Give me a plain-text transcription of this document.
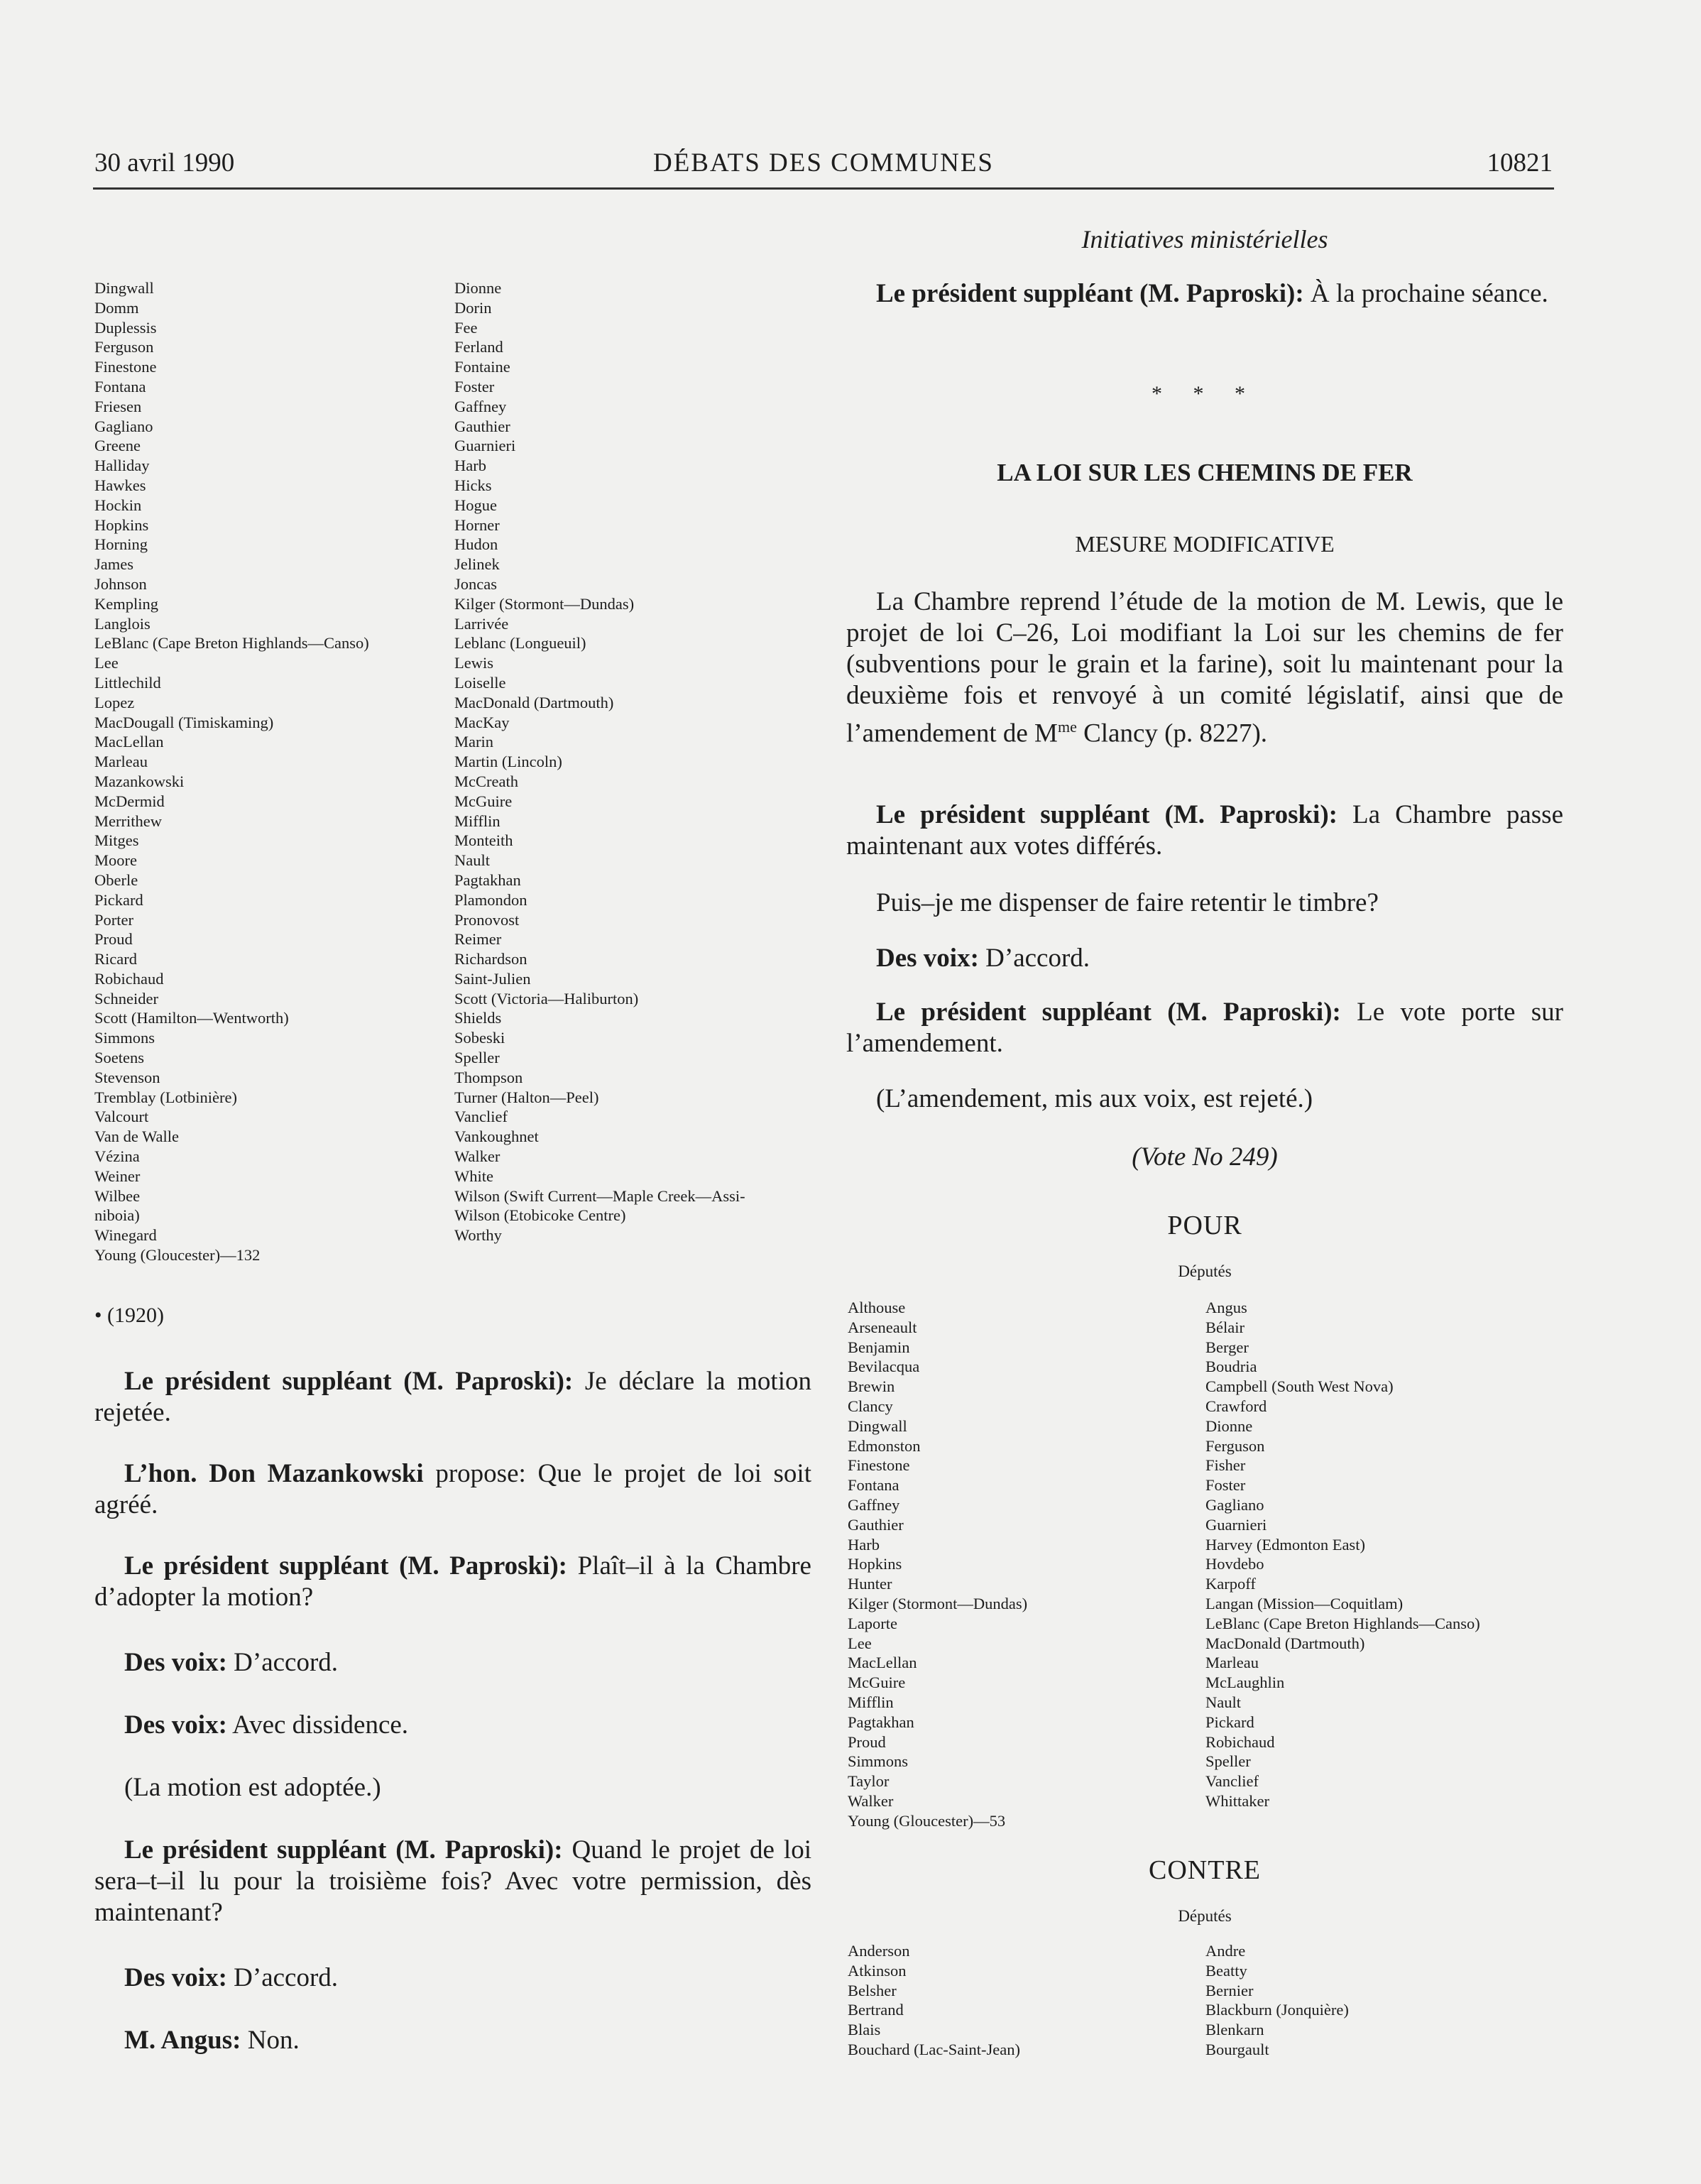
30 avril 1990	DÉBATS DES COMMUNES	10821
Dingwall
Domm
Duplessis
Ferguson
Finestone
Fontana
Friesen
Gagliano
Greene
Halliday
Hawkes
Hockin
Hopkins
Horning
James
Johnson
Kempling
Langlois
LeBlanc (Cape Breton Highlands—Canso)
Lee
Littlechild
Lopez
MacDougall (Timiskaming)
MacLellan
Marleau
Mazankowski
McDermid
Merrithew
Mitges
Moore
Oberle
Pickard
Porter
Proud
Ricard
Robichaud
Schneider
Scott (Hamilton—Wentworth)
Simmons
Soetens
Stevenson
Tremblay (Lotbinière)
Valcourt
Van de Walle
Vézina
Weiner
Wilbee
niboia)
Winegard
Young (Gloucester)—132
Dionne
Dorin
Fee
Ferland
Fontaine
Foster
Gaffney
Gauthier
Guarnieri
Harb
Hicks
Hogue
Horner
Hudon
Jelinek
Joncas
Kilger (Stormont—Dundas)
Larrivée
Leblanc (Longueuil)
Lewis
Loiselle
MacDonald (Dartmouth)
MacKay
Marin
Martin (Lincoln)
McCreath
McGuire
Mifflin
Monteith
Nault
Pagtakhan
Plamondon
Pronovost
Reimer
Richardson
Saint-Julien
Scott (Victoria—Haliburton)
Shields
Sobeski
Speller
Thompson
Turner (Halton—Peel)
Vanclief
Vankoughnet
Walker
White
Wilson (Swift Current—Maple Creek—Assi-
Wilson (Etobicoke Centre)
Worthy
• (1920)
Le président suppléant (M. Paproski): Je déclare la motion rejetée.
L’hon. Don Mazankowski propose: Que le projet de loi soit agréé.
Le président suppléant (M. Paproski): Plaît–il à la Chambre d’adopter la motion?
Des voix: D’accord.
Des voix: Avec dissidence.
(La motion est adoptée.)
Le président suppléant (M. Paproski): Quand le projet de loi sera–t–il lu pour la troisième fois? Avec votre permission, dès maintenant?
Des voix: D’accord.
M. Angus: Non.
Initiatives ministérielles
Le président suppléant (M. Paproski): À la prochaine séance.
* * *
LA LOI SUR LES CHEMINS DE FER
MESURE MODIFICATIVE
La Chambre reprend l’étude de la motion de M. Lewis, que le projet de loi C–26, Loi modifiant la Loi sur les chemins de fer (subventions pour le grain et la farine), soit lu maintenant pour la deuxième fois et renvoyé à un comité législatif, ainsi que de l’amendement de $M^{me}$ Clancy (p. 8227).
Le président suppléant (M. Paproski): La Chambre passe maintenant aux votes différés.
Puis–je me dispenser de faire retentir le timbre?
Des voix: D’accord.
Le président suppléant (M. Paproski): Le vote porte sur l’amendement.
(L’amendement, mis aux voix, est rejeté.)
(Vote No 249)
POUR
Députés
Althouse
Arseneault
Benjamin
Bevilacqua
Brewin
Clancy
Dingwall
Edmonston
Finestone
Fontana
Gaffney
Gauthier
Harb
Hopkins
Hunter
Kilger (Stormont—Dundas)
Laporte
Lee
MacLellan
McGuire
Mifflin
Pagtakhan
Proud
Simmons
Taylor
Walker
Young (Gloucester)—53
Angus
Bélair
Berger
Boudria
Campbell (South West Nova)
Crawford
Dionne
Ferguson
Fisher
Foster
Gagliano
Guarnieri
Harvey (Edmonton East)
Hovdebo
Karpoff
Langan (Mission—Coquitlam)
LeBlanc (Cape Breton Highlands—Canso)
MacDonald (Dartmouth)
Marleau
McLaughlin
Nault
Pickard
Robichaud
Speller
Vanclief
Whittaker
CONTRE
Députés
Anderson
Atkinson
Belsher
Bertrand
Blais
Bouchard (Lac-Saint-Jean)
Andre
Beatty
Bernier
Blackburn (Jonquière)
Blenkarn
Bourgault
